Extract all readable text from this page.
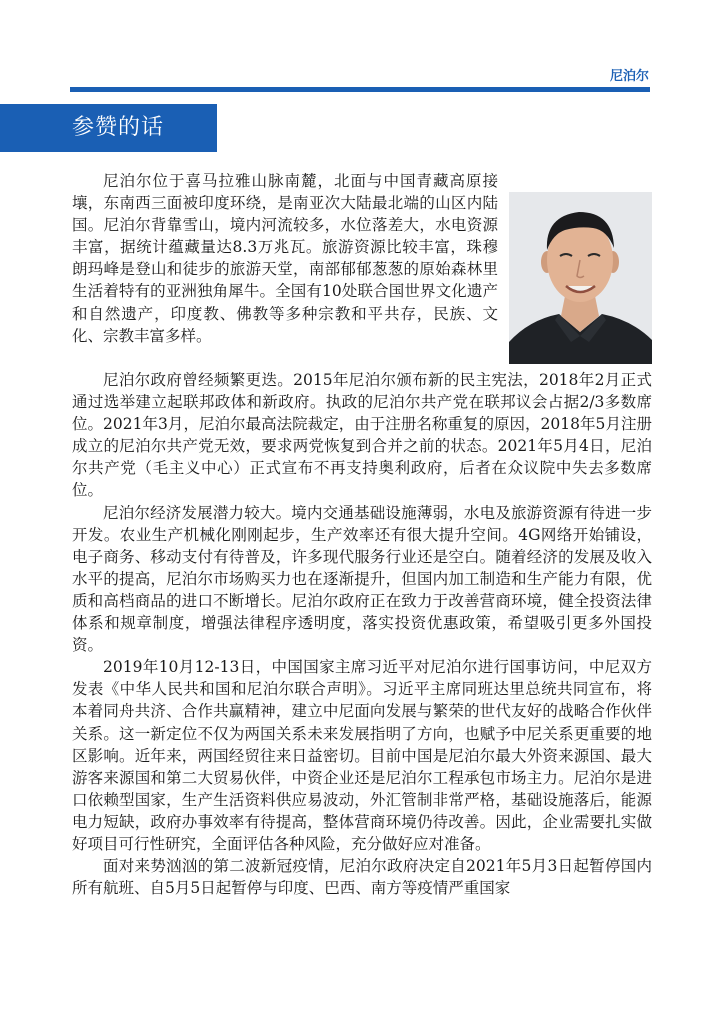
尼泊尔
参赞的话

尼泊尔位于喜马拉雅山脉南麓，北面与中国青藏高原接壤，东南西三面被印度环绕，是南亚次大陆最北端的山区内陆国。尼泊尔背靠雪山，境内河流较多，水位落差大，水电资源丰富，据统计蕴藏量达8.3万兆瓦。旅游资源比较丰富，珠穆朗玛峰是登山和徒步的旅游天堂，南部郁郁葱葱的原始森林里生活着特有的亚洲独角犀牛。全国有10处联合国世界文化遗产和自然遗产，印度教、佛教等多种宗教和平共存，民族、文化、宗教丰富多样。

尼泊尔政府曾经频繁更迭。2015年尼泊尔颁布新的民主宪法，2018年2月正式通过选举建立起联邦政体和新政府。执政的尼泊尔共产党在联邦议会占据2/3多数席位。2021年3月，尼泊尔最高法院裁定，由于注册名称重复的原因，2018年5月注册成立的尼泊尔共产党无效，要求两党恢复到合并之前的状态。2021年5月4日，尼泊尔共产党（毛主义中心）正式宣布不再支持奥利政府，后者在众议院中失去多数席位。

尼泊尔经济发展潜力较大。境内交通基础设施薄弱，水电及旅游资源有待进一步开发。农业生产机械化刚刚起步，生产效率还有很大提升空间。4G网络开始铺设，电子商务、移动支付有待普及，许多现代服务行业还是空白。随着经济的发展及收入水平的提高，尼泊尔市场购买力也在逐渐提升，但国内加工制造和生产能力有限，优质和高档商品的进口不断增长。尼泊尔政府正在致力于改善营商环境，健全投资法律体系和规章制度，增强法律程序透明度，落实投资优惠政策，希望吸引更多外国投资。

2019年10月12-13日，中国国家主席习近平对尼泊尔进行国事访问，中尼双方发表《中华人民共和国和尼泊尔联合声明》。习近平主席同班达里总统共同宣布，将本着同舟共济、合作共赢精神，建立中尼面向发展与繁荣的世代友好的战略合作伙伴关系。这一新定位不仅为两国关系未来发展指明了方向，也赋予中尼关系更重要的地区影响。近年来，两国经贸往来日益密切。目前中国是尼泊尔最大外资来源国、最大游客来源国和第二大贸易伙伴，中资企业还是尼泊尔工程承包市场主力。尼泊尔是进口依赖型国家，生产生活资料供应易波动，外汇管制非常严格，基础设施落后，能源电力短缺，政府办事效率有待提高，整体营商环境仍待改善。因此，企业需要扎实做好项目可行性研究，全面评估各种风险，充分做好应对准备。

面对来势汹汹的第二波新冠疫情，尼泊尔政府决定自2021年5月3日起暂停国内所有航班、自5月5日起暂停与印度、巴西、南方等疫情严重国家
